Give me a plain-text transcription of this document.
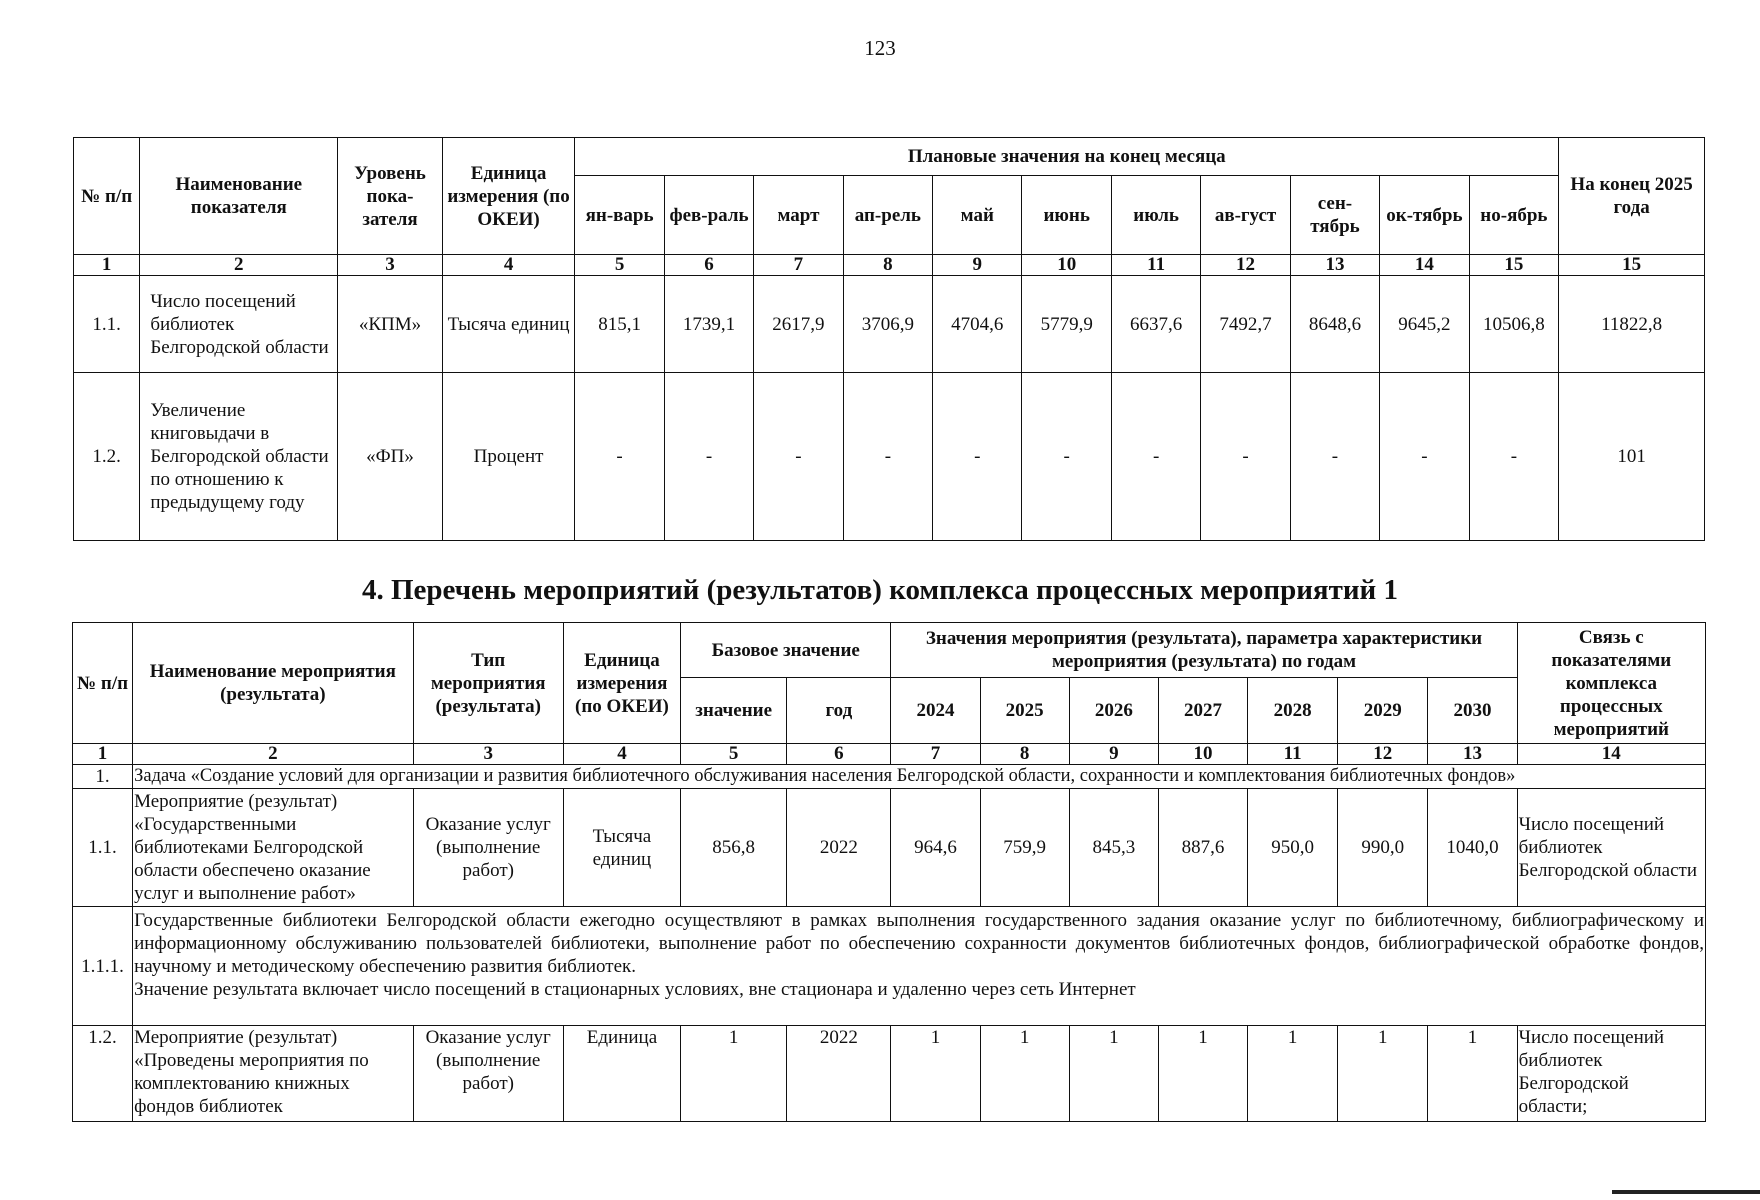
123
№ п/п	Наименование показателя	Уровень пока-зателя	Единица измерения (по ОКЕИ)	Плановые значения на конец месяца											На конец 2025 года
				ян-варь	фев-раль	март	ап-рель	май	июнь	июль	ав-густ	сен-тябрь	ок-тябрь	но-ябрь	
1	2	3	4	5	6	7	8	9	10	11	12	13	14	15	15
1.1.	Число посещений библиотек Белгородской области	«КПМ»	Тысяча единиц	815,1	1739,1	2617,9	3706,9	4704,6	5779,9	6637,6	7492,7	8648,6	9645,2	10506,8	11822,8
1.2.	Увеличение книговыдачи в Белгородской области по отношению к предыдущему году	«ФП»	Процент	-	-	-	-	-	-	-	-	-	-	-	101
4. Перечень мероприятий (результатов) комплекса процессных мероприятий 1
№ п/п	Наименование мероприятия (результата)	Тип мероприятия (результата)	Единица измерения (по ОКЕИ)	Базовое значение		Значения мероприятия (результата), параметра характеристики мероприятия (результата) по годам							Связь с показателями комплекса процессных мероприятий
				значение	год	2024	2025	2026	2027	2028	2029	2030	
1	2	3	4	5	6	7	8	9	10	11	12	13	14
1.	Задача «Создание условий для организации и развития библиотечного обслуживания населения Белгородской области, сохранности и комплектования библиотечных фондов»												
1.1.	Мероприятие (результат) «Государственными библиотеками Белгородской области обеспечено оказание услуг и выполнение работ»	Оказание услуг (выполнение работ)	Тысяча единиц	856,8	2022	964,6	759,9	845,3	887,6	950,0	990,0	1040,0	Число посещений библиотек Белгородской области
1.1.1.	Государственные библиотеки Белгородской области ежегодно осуществляют в рамках выполнения государственного задания оказание услуг по библиотечному, библиографическому и информационному обслуживанию пользователей библиотеки, выполнение работ по обеспечению сохранности документов библиотечных фондов, библиографической обработке фондов, научному и методическому обеспечению развития библиотек.
Значение результата включает число посещений в стационарных условиях, вне стационара и удаленно через сеть Интернет												

1.2.	Мероприятие (результат) «Проведены мероприятия по комплектованию книжных фондов библиотек	Оказание услуг (выполнение работ)	Единица	1	2022	1	1	1	1	1	1	1	Число посещений библиотек Белгородской области;
